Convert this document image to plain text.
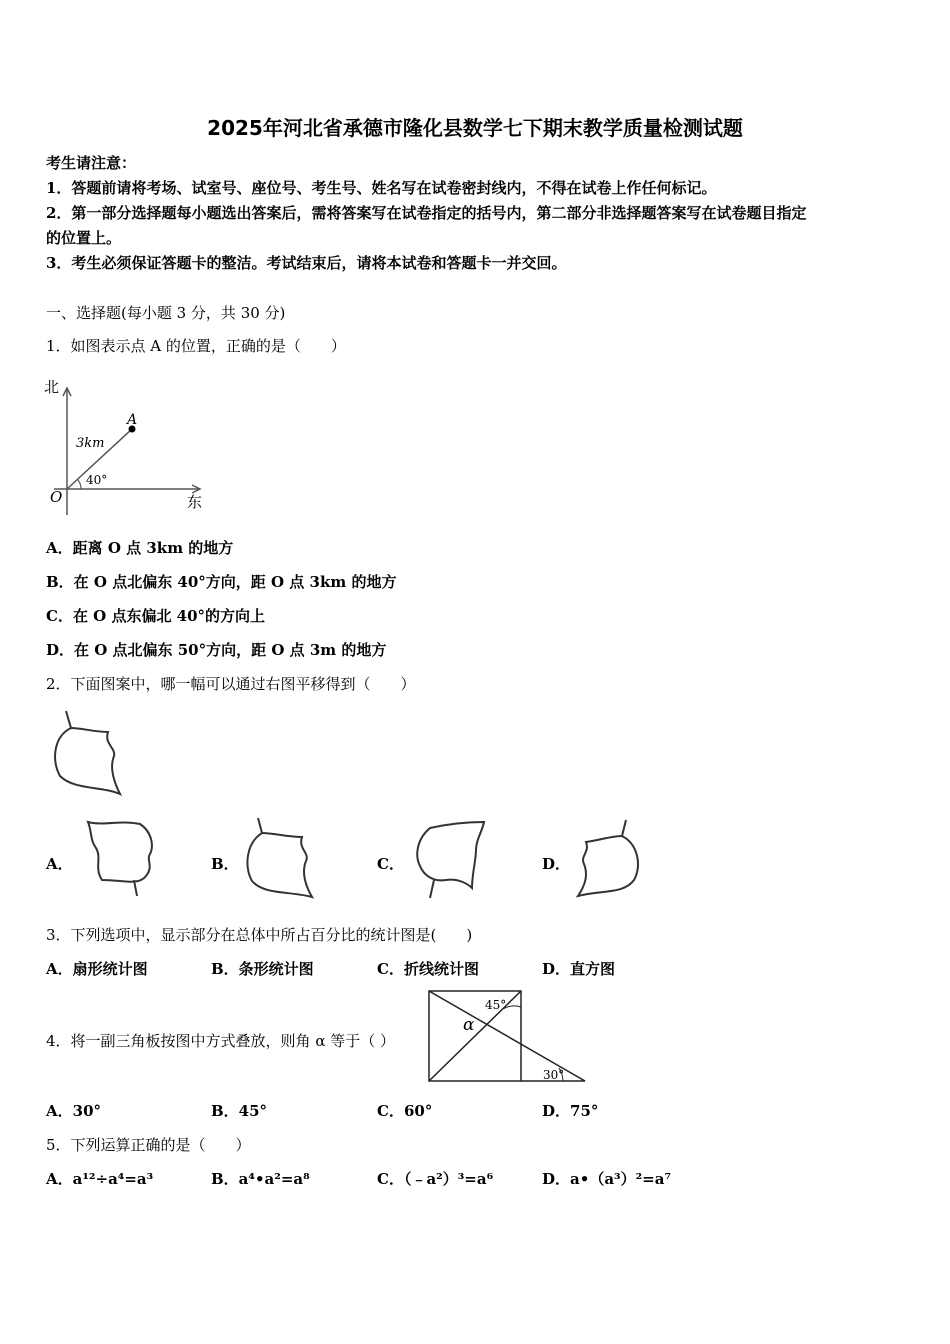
2025年河北省承德市隆化县数学七下期末教学质量检测试题
考生请注意：
1．答题前请将考场、试室号、座位号、考生号、姓名写在试卷密封线内，不得在试卷上作任何标记。
2．第一部分选择题每小题选出答案后，需将答案写在试卷指定的括号内，第二部分非选择题答案写在试卷题目指定
的位置上。
3．考生必须保证答题卡的整洁。考试结束后，请将本试卷和答题卡一并交回。
一、选择题(每小题 3 分，共 30 分)
1．如图表示点 A 的位置，正确的是（　　）
北
东
O
A
3km
40°
A．距离 O 点 3km 的地方
B．在 O 点北偏东 40°方向，距 O 点 3km 的地方
C．在 O 点东偏北 40°的方向上
D．在 O 点北偏东 50°方向，距 O 点 3m 的地方
2．下面图案中，哪一幅可以通过右图平移得到（　　）
A．	B．	C．	D．
3．下列选项中，显示部分在总体中所占百分比的统计图是(　　)
A．扇形统计图	B．条形统计图	C．折线统计图	D．直方图
4．将一副三角板按图中方式叠放，则角 α 等于（ ）
45°
30°
α
A．30°	B．45°	C．60°	D．75°
5．下列运算正确的是（　　）
A．a¹²÷a⁴=a³	B．a⁴•a²=a⁸	C．（﹣a²）³=a⁶	D．a•（a³）²=a⁷
